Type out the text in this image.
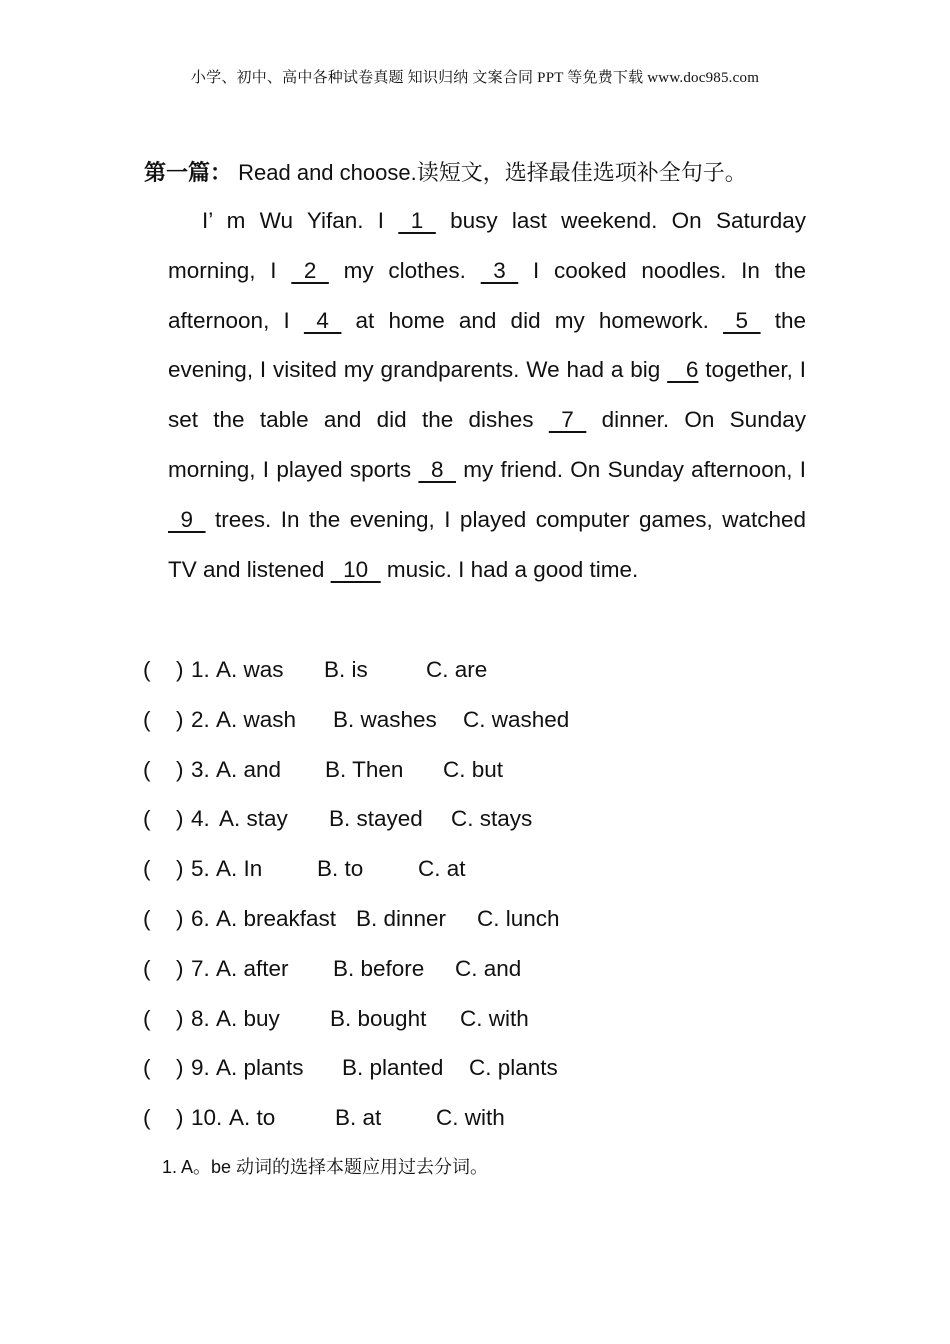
小学、初中、高中各种试卷真题 知识归纳 文案合同 PPT 等免费下载 www.doc985.com
第一篇： Read and choose.读短文，选择最佳选项补全句子。
I’ m Wu Yifan. I   1   busy last weekend. On Saturday morning, I   2   my clothes.   3   I cooked noodles. In the afternoon, I   4   at home and did my homework.   5   the evening, I visited my grandparents. We had a big    6 together, I set the table and did the dishes   7   dinner. On Sunday morning, I played sports   8   my friend. On Sunday afternoon, I   9   trees. In the evening, I played computer games, watched TV and listened   10   music. I had a good time.
( ) 1. A. was B. is	C. are
( ) 2. A. wash B. washes C. washed
( ) 3. A. and B. Then C. but
( ) 4. A. stay B. stayed C. stays
( ) 5. A. In B. to C. at
( ) 6. A. breakfast B. dinner C. lunch
( ) 7. A. after B. before C. and
( ) 8. A. buy B. bought C. with
( ) 9. A. plants B. planted C. plants
( ) 10. A. to	B. at C. with
1. A。be 动词的选择本题应用过去分词。
